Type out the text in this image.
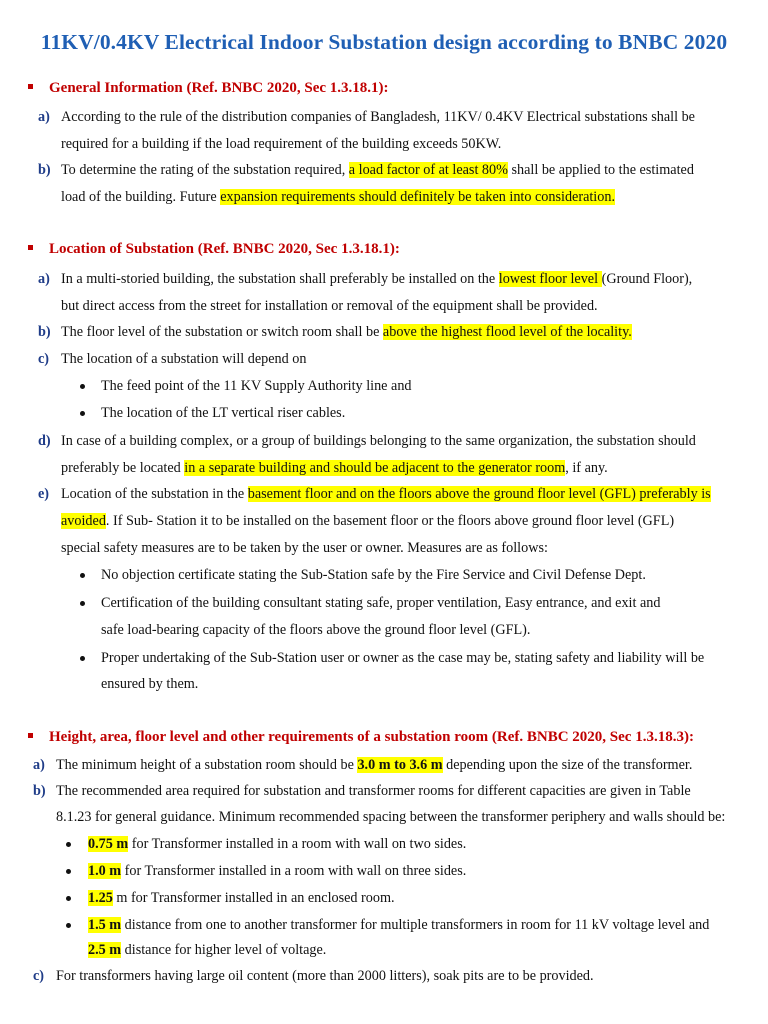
11KV/0.4KV Electrical Indoor Substation design according to BNBC 2020
General Information (Ref. BNBC 2020, Sec 1.3.18.1):
a) According to the rule of the distribution companies of Bangladesh, 11KV/ 0.4KV Electrical substations shall be
required for a building if the load requirement of the building exceeds 50KW.
b) To determine the rating of the substation required, a load factor of at least 80% shall be applied to the estimated
load of the building. Future expansion requirements should definitely be taken into consideration.
Location of Substation (Ref. BNBC 2020, Sec 1.3.18.1):
a) In a multi-storied building, the substation shall preferably be installed on the lowest floor level (Ground Floor),
but direct access from the street for installation or removal of the equipment shall be provided.
b) The floor level of the substation or switch room shall be above the highest flood level of the locality.
c) The location of a substation will depend on
The feed point of the 11 KV Supply Authority line and
The location of the LT vertical riser cables.
d) In case of a building complex, or a group of buildings belonging to the same organization, the substation should
preferably be located in a separate building and should be adjacent to the generator room, if any.
e) Location of the substation in the basement floor and on the floors above the ground floor level (GFL) preferably is
avoided. If Sub- Station it to be installed on the basement floor or the floors above ground floor level (GFL)
special safety measures are to be taken by the user or owner. Measures are as follows:
No objection certificate stating the Sub-Station safe by the Fire Service and Civil Defense Dept.
Certification of the building consultant stating safe, proper ventilation, Easy entrance, and exit and
safe load-bearing capacity of the floors above the ground floor level (GFL).
Proper undertaking of the Sub-Station user or owner as the case may be, stating safety and liability will be
ensured by them.
Height, area, floor level and other requirements of a substation room (Ref. BNBC 2020, Sec 1.3.18.3):
a) The minimum height of a substation room should be 3.0 m to 3.6 m depending upon the size of the transformer.
b) The recommended area required for substation and transformer rooms for different capacities are given in Table
8.1.23 for general guidance. Minimum recommended spacing between the transformer periphery and walls should be:
0.75 m for Transformer installed in a room with wall on two sides.
1.0 m for Transformer installed in a room with wall on three sides.
1.25 m for Transformer installed in an enclosed room.
1.5 m distance from one to another transformer for multiple transformers in room for 11 kV voltage level and
2.5 m distance for higher level of voltage.
c) For transformers having large oil content (more than 2000 litters), soak pits are to be provided.
